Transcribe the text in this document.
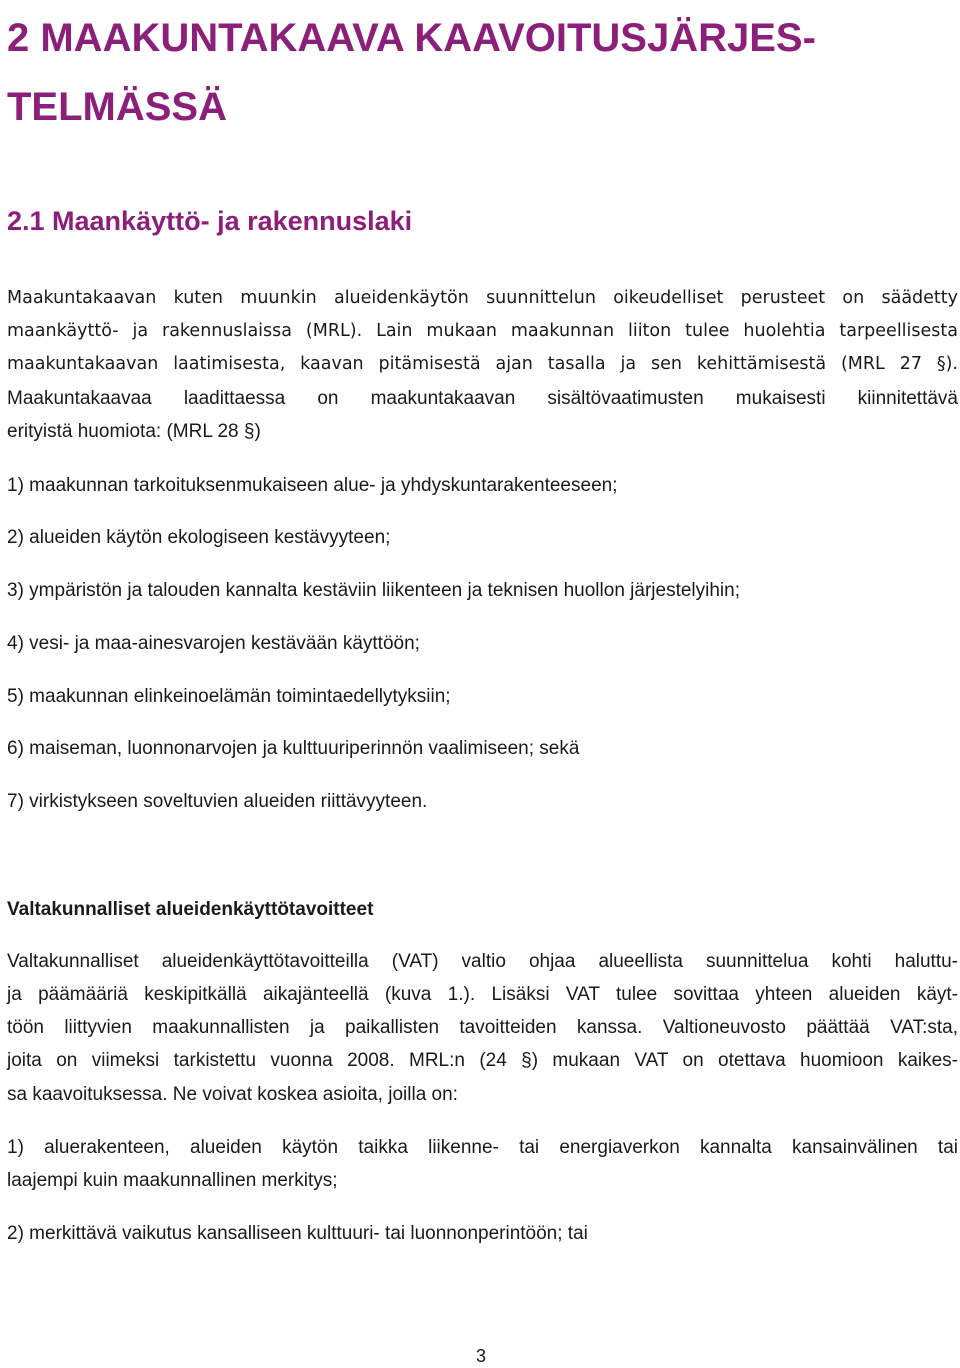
2 MAAKUNTAKAAVA KAAVOITUSJÄRJES-
TELMÄSSÄ
2.1 Maankäyttö- ja rakennuslaki

Maakuntakaavan kuten muunkin alueidenkäytön suunnittelun oikeudelliset perusteet on säädetty

maankäyttö- ja rakennuslaissa (MRL). Lain mukaan maakunnan liiton tulee huolehtia tarpeellisesta

maakuntakaavan laatimisesta, kaavan pitämisestä ajan tasalla ja sen kehittämisestä (MRL 27 §).

Maakuntakaavaa laadittaessa on maakuntakaavan sisältövaatimusten mukaisesti kiinnitettävä

erityistä huomiota: (MRL 28 §)

1) maakunnan tarkoituksenmukaiseen alue- ja yhdyskuntarakenteeseen;

2) alueiden käytön ekologiseen kestävyyteen;

3) ympäristön ja talouden kannalta kestäviin liikenteen ja teknisen huollon järjestelyihin;

4) vesi- ja maa-ainesvarojen kestävään käyttöön;

5) maakunnan elinkeinoelämän toimintaedellytyksiin;

6) maiseman, luonnonarvojen ja kulttuuriperinnön vaalimiseen; sekä

7) virkistykseen soveltuvien alueiden riittävyyteen.

Valtakunnalliset alueidenkäyttötavoitteet

Valtakunnalliset alueidenkäyttötavoitteilla (VAT) valtio ohjaa alueellista suunnittelua kohti haluttu-

ja päämääriä keskipitkällä aikajänteellä (kuva 1.). Lisäksi VAT tulee sovittaa yhteen alueiden käyt-

töön liittyvien maakunnallisten ja paikallisten tavoitteiden kanssa. Valtioneuvosto päättää VAT:sta,

joita on viimeksi tarkistettu vuonna 2008. MRL:n (24 §) mukaan VAT on otettava huomioon kaikes-

sa kaavoituksessa. Ne voivat koskea asioita, joilla on:

1) aluerakenteen, alueiden käytön taikka liikenne- tai energiaverkon kannalta kansainvälinen tai

laajempi kuin maakunnallinen merkitys;

2) merkittävä vaikutus kansalliseen kulttuuri- tai luonnonperintöön; tai

3
